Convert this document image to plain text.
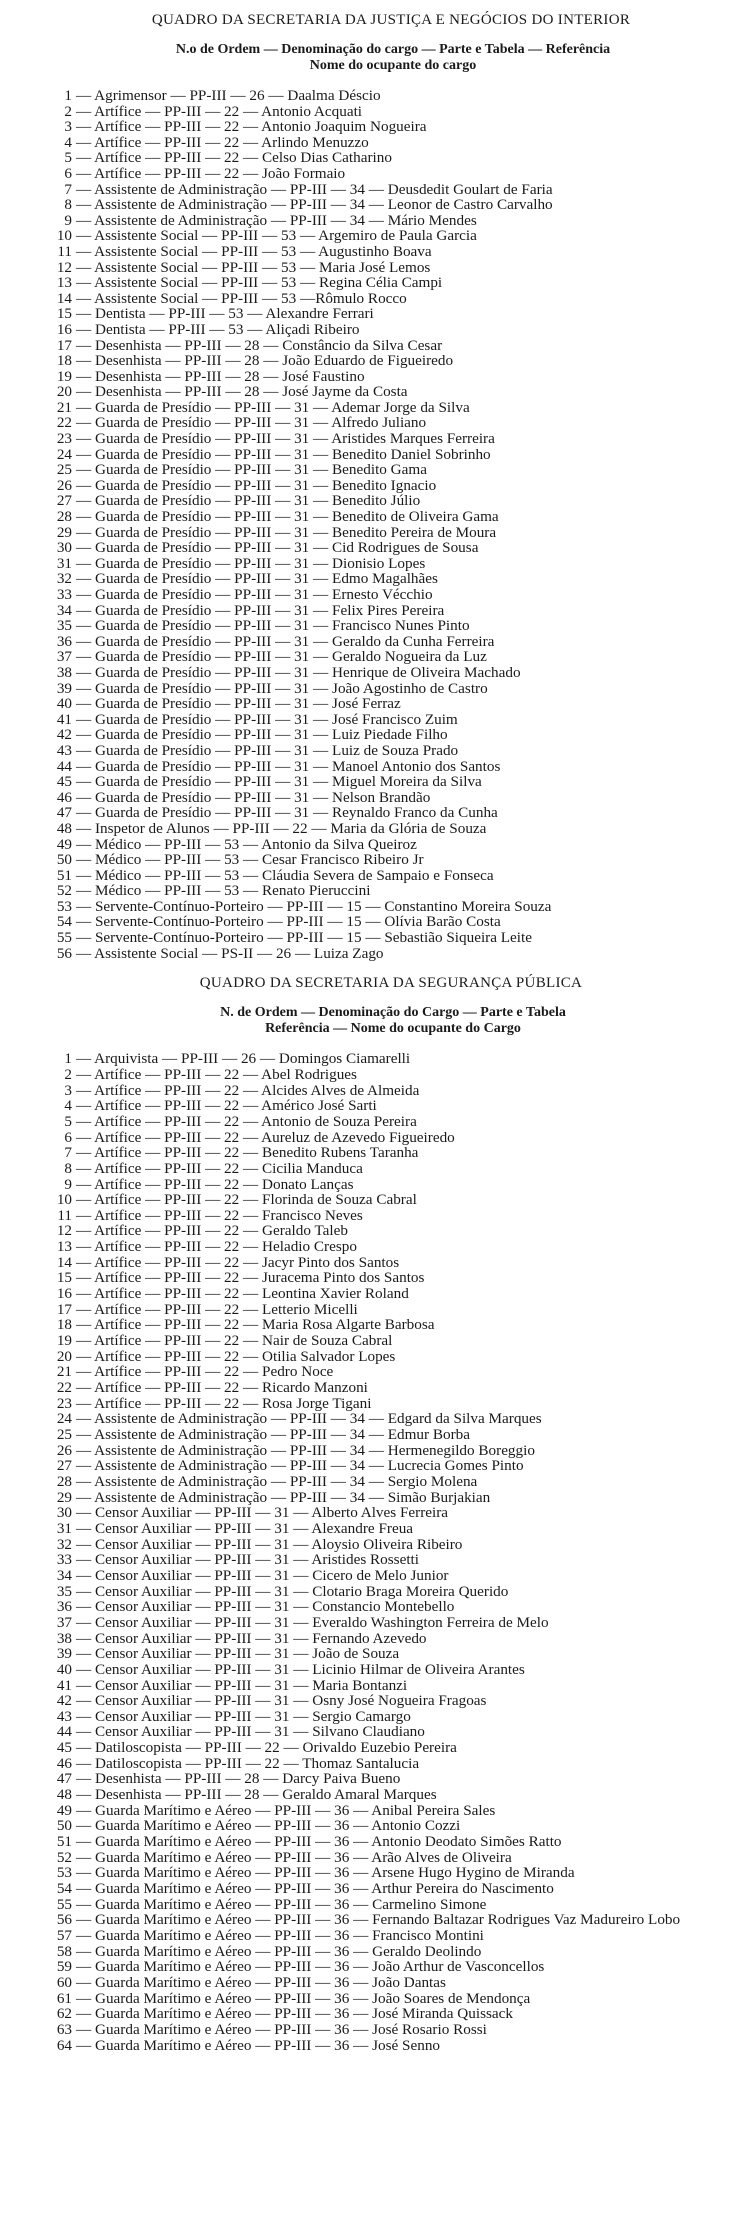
QUADRO DA SECRETARIA DA JUSTIÇA E NEGÓCIOS DO INTERIOR
N.o de Ordem — Denominação do cargo — Parte e Tabela — Referência
Nome do ocupante do cargo
1 — Agrimensor — PP-III — 26 — Daalma Déscio
2 — Artífice — PP-III — 22 — Antonio Acquati
3 — Artífice — PP-III — 22 — Antonio Joaquim Nogueira
4 — Artífice — PP-III — 22 — Arlindo Menuzzo
5 — Artífice — PP-III — 22 — Celso Dias Catharino
6 — Artífice — PP-III — 22 — João Formaio
7 — Assistente de Administração — PP-III — 34 — Deusdedit Goulart de Faria
8 — Assistente de Administração — PP-III — 34 — Leonor de Castro Carvalho
9 — Assistente de Administração — PP-III — 34 — Mário Mendes
10 — Assistente Social — PP-III — 53 — Argemiro de Paula Garcia
11 — Assistente Social — PP-III — 53 — Augustinho Boava
12 — Assistente Social — PP-III — 53 — Maria José Lemos
13 — Assistente Social — PP-III — 53 — Regina Célia Campi
14 — Assistente Social — PP-III — 53 —Rômulo Rocco
15 — Dentista — PP-III — 53 — Alexandre Ferrari
16 — Dentista — PP-III — 53 — Aliçadi Ribeiro
17 — Desenhista — PP-III — 28 — Constâncio da Silva Cesar
18 — Desenhista — PP-III — 28 — João Eduardo de Figueiredo
19 — Desenhista — PP-III — 28 — José Faustino
20 — Desenhista — PP-III — 28 — José Jayme da Costa
21 — Guarda de Presídio — PP-III — 31 — Ademar Jorge da Silva
22 — Guarda de Presídio — PP-III — 31 — Alfredo Juliano
23 — Guarda de Presídio — PP-III — 31 — Aristides Marques Ferreira
24 — Guarda de Presídio — PP-III — 31 — Benedito Daniel Sobrinho
25 — Guarda de Presídio — PP-III — 31 — Benedito Gama
26 — Guarda de Presídio — PP-III — 31 — Benedito Ignacio
27 — Guarda de Presídio — PP-III — 31 — Benedito Júlio
28 — Guarda de Presídio — PP-III — 31 — Benedito de Oliveira Gama
29 — Guarda de Presídio — PP-III — 31 — Benedito Pereira de Moura
30 — Guarda de Presídio — PP-III — 31 — Cid Rodrigues de Sousa
31 — Guarda de Presídio — PP-III — 31 — Dionisio Lopes
32 — Guarda de Presídio — PP-III — 31 — Edmo Magalhães
33 — Guarda de Presídio — PP-III — 31 — Ernesto Vécchio
34 — Guarda de Presídio — PP-III — 31 — Felix Pires Pereira
35 — Guarda de Presídio — PP-III — 31 — Francisco Nunes Pinto
36 — Guarda de Presídio — PP-III — 31 — Geraldo da Cunha Ferreira
37 — Guarda de Presídio — PP-III — 31 — Geraldo Nogueira da Luz
38 — Guarda de Presídio — PP-III — 31 — Henrique de Oliveira Machado
39 — Guarda de Presídio — PP-III — 31 — João Agostinho de Castro
40 — Guarda de Presídio — PP-III — 31 — José Ferraz
41 — Guarda de Presídio — PP-III — 31 — José Francisco Zuim
42 — Guarda de Presídio — PP-III — 31 — Luiz Piedade Filho
43 — Guarda de Presídio — PP-III — 31 — Luiz de Souza Prado
44 — Guarda de Presídio — PP-III — 31 — Manoel Antonio dos Santos
45 — Guarda de Presídio — PP-III — 31 — Miguel Moreira da Silva
46 — Guarda de Presídio — PP-III — 31 — Nelson Brandão
47 — Guarda de Presídio — PP-III — 31 — Reynaldo Franco da Cunha
48 — Inspetor de Alunos — PP-III — 22 — Maria da Glória de Souza
49 — Médico — PP-III — 53 — Antonio da Silva Queiroz
50 — Médico — PP-III — 53 — Cesar Francisco Ribeiro Jr
51 — Médico — PP-III — 53 — Cláudia Severa de Sampaio e Fonseca
52 — Médico — PP-III — 53 — Renato Pieruccini
53 — Servente-Contínuo-Porteiro — PP-III — 15 — Constantino Moreira Souza
54 — Servente-Contínuo-Porteiro — PP-III — 15 — Olívia Barão Costa
55 — Servente-Contínuo-Porteiro — PP-III — 15 — Sebastião Siqueira Leite
56 — Assistente Social — PS-II — 26 — Luiza Zago
QUADRO DA SECRETARIA DA SEGURANÇA PÚBLICA
N. de Ordem — Denominação do Cargo — Parte e Tabela
Referência — Nome do ocupante do Cargo
1 — Arquivista — PP-III — 26 — Domingos Ciamarelli
2 — Artífice — PP-III — 22 — Abel Rodrigues
3 — Artífice — PP-III — 22 — Alcides Alves de Almeida
4 — Artífice — PP-III — 22 — Américo José Sarti
5 — Artífice — PP-III — 22 — Antonio de Souza Pereira
6 — Artífice — PP-III — 22 — Aureluz de Azevedo Figueiredo
7 — Artífice — PP-III — 22 — Benedito Rubens Taranha
8 — Artífice — PP-III — 22 — Cicilia Manduca
9 — Artífice — PP-III — 22 — Donato Lanças
10 — Artífice — PP-III — 22 — Florinda de Souza Cabral
11 — Artífice — PP-III — 22 — Francisco Neves
12 — Artífice — PP-III — 22 — Geraldo Taleb
13 — Artífice — PP-III — 22 — Heladio Crespo
14 — Artífice — PP-III — 22 — Jacyr Pinto dos Santos
15 — Artífice — PP-III — 22 — Juracema Pinto dos Santos
16 — Artífice — PP-III — 22 — Leontina Xavier Roland
17 — Artífice — PP-III — 22 — Letterio Micelli
18 — Artífice — PP-III — 22 — Maria Rosa Algarte Barbosa
19 — Artífice — PP-III — 22 — Nair de Souza Cabral
20 — Artífice — PP-III — 22 — Otilia Salvador Lopes
21 — Artífice — PP-III — 22 — Pedro Noce
22 — Artífice — PP-III — 22 — Ricardo Manzoni
23 — Artífice — PP-III — 22 — Rosa Jorge Tigani
24 — Assistente de Administração — PP-III — 34 — Edgard da Silva Marques
25 — Assistente de Administração — PP-III — 34 — Edmur Borba
26 — Assistente de Administração — PP-III — 34 — Hermenegildo Boreggio
27 — Assistente de Administração — PP-III — 34 — Lucrecia Gomes Pinto
28 — Assistente de Administração — PP-III — 34 — Sergio Molena
29 — Assistente de Administração — PP-III — 34 — Simão Burjakian
30 — Censor Auxiliar — PP-III — 31 — Alberto Alves Ferreira
31 — Censor Auxiliar — PP-III — 31 — Alexandre Freua
32 — Censor Auxiliar — PP-III — 31 — Aloysio Oliveira Ribeiro
33 — Censor Auxiliar — PP-III — 31 — Aristides Rossetti
34 — Censor Auxiliar — PP-III — 31 — Cicero de Melo Junior
35 — Censor Auxiliar — PP-III — 31 — Clotario Braga Moreira Querido
36 — Censor Auxiliar — PP-III — 31 — Constancio Montebello
37 — Censor Auxiliar — PP-III — 31 — Everaldo Washington Ferreira de Melo
38 — Censor Auxiliar — PP-III — 31 — Fernando Azevedo
39 — Censor Auxiliar — PP-III — 31 — João de Souza
40 — Censor Auxiliar — PP-III — 31 — Licinio Hilmar de Oliveira Arantes
41 — Censor Auxiliar — PP-III — 31 — Maria Bontanzi
42 — Censor Auxiliar — PP-III — 31 — Osny José Nogueira Fragoas
43 — Censor Auxiliar — PP-III — 31 — Sergio Camargo
44 — Censor Auxiliar — PP-III — 31 — Silvano Claudiano
45 — Datiloscopista — PP-III — 22 — Orivaldo Euzebio Pereira
46 — Datiloscopista — PP-III — 22 — Thomaz Santalucia
47 — Desenhista — PP-III — 28 — Darcy Paiva Bueno
48 — Desenhista — PP-III — 28 — Geraldo Amaral Marques
49 — Guarda Marítimo e Aéreo — PP-III — 36 — Anibal Pereira Sales
50 — Guarda Marítimo e Aéreo — PP-III — 36 — Antonio Cozzi
51 — Guarda Marítimo e Aéreo — PP-III — 36 — Antonio Deodato Simões Ratto
52 — Guarda Marítimo e Aéreo — PP-III — 36 — Arão Alves de Oliveira
53 — Guarda Marítimo e Aéreo — PP-III — 36 — Arsene Hugo Hygino de Miranda
54 — Guarda Marítimo e Aéreo — PP-III — 36 — Arthur Pereira do Nascimento
55 — Guarda Marítimo e Aéreo — PP-III — 36 — Carmelino Simone
56 — Guarda Marítimo e Aéreo — PP-III — 36 — Fernando Baltazar Rodrigues Vaz Madureiro Lobo
57 — Guarda Marítimo e Aéreo — PP-III — 36 — Francisco Montini
58 — Guarda Marítimo e Aéreo — PP-III — 36 — Geraldo Deolindo
59 — Guarda Marítimo e Aéreo — PP-III — 36 — João Arthur de Vasconcellos
60 — Guarda Marítimo e Aéreo — PP-III — 36 — João Dantas
61 — Guarda Marítimo e Aéreo — PP-III — 36 — João Soares de Mendonça
62 — Guarda Marítimo e Aéreo — PP-III — 36 — José Miranda Quissack
63 — Guarda Marítimo e Aéreo — PP-III — 36 — José Rosario Rossi
64 — Guarda Marítimo e Aéreo — PP-III — 36 — José Senno
